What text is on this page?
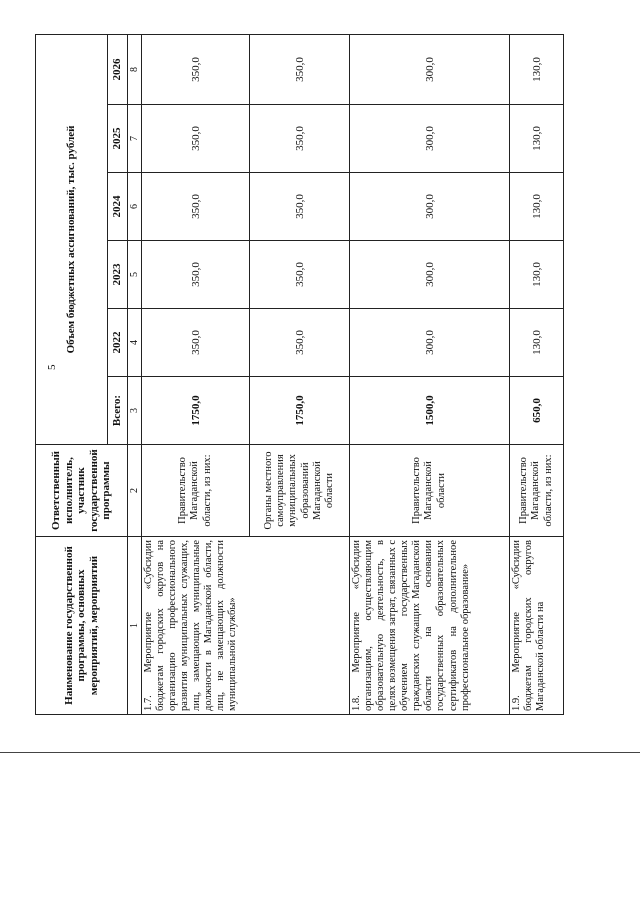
5
Наименование государственной программы, основных мероприятий, мероприятий	Ответственный исполнитель, участник государственной программы	Объем бюджетных ассигнований, тыс. рублей					
		Всего:	2022	2023	2024	2025	2026
1	2	3	4	5	6	7	8
1.7. Мероприятие «Субсидии бюджетам городских округов на организацию профессионального развития муниципальных служащих, лиц, замещающих муниципальные должности в Магаданской области, лиц, не замещающих должности муниципальной службы»	Правительство Магаданской области, из них:	1750,0	350,0	350,0	350,0	350,0	350,0
	Органы местного самоуправления муниципальных образований Магаданской области	1750,0	350,0	350,0	350,0	350,0	350,0
1.8. Мероприятие «Субсидии организациям, осуществляющим образовательную деятельность, в целях возмещения затрат, связанных с обучением государственных гражданских служащих Магаданской области на основании государственных образовательных сертификатов на дополнительное профессиональное образование»	Правительство Магаданской области	1500,0	300,0	300,0	300,0	300,0	300,0
1.9. Мероприятие «Субсидии бюджетам городских округов Магаданской области на	Правительство Магаданской области, из них:	650,0	130,0	130,0	130,0	130,0	130,0
